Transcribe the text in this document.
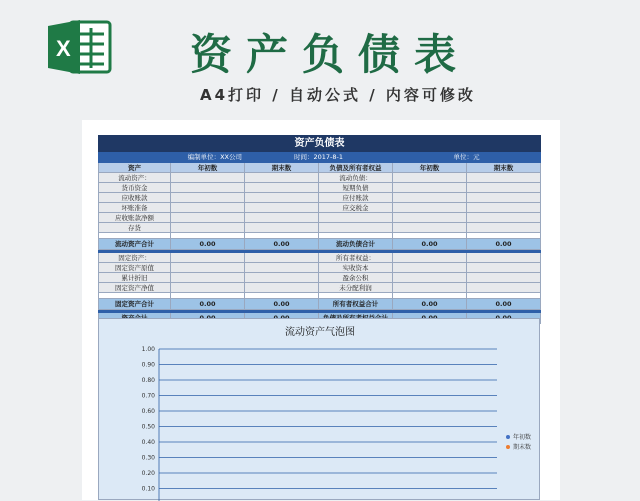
X	资产负债表
A4打印 / 自动公式 / 内容可修改
资产负债表					
编制单位：XX公司		时间：2017-8-1		单位：元	
资产	年初数	期末数	负债及所有者权益	年初数	期末数
流动资产：			流动负债：		
货币资金			短期负债		
应收账款			应付账款		
坏账准备			应交税金		
应收账款净额					
存货					

流动资产合计	0.00	0.00	流动负债合计	0.00	0.00

固定资产：			所有者权益：		
固定资产原值			实收资本		
累计折旧			盈余公积		
固定资产净值			未分配利润		

固定资产合计	0.00	0.00	所有者权益合计	0.00	0.00

流动资产气泡图
1.00
0.90
0.80
0.70
0.60
0.50
0.40
0.30
0.20
0.10
年初数
期末数
